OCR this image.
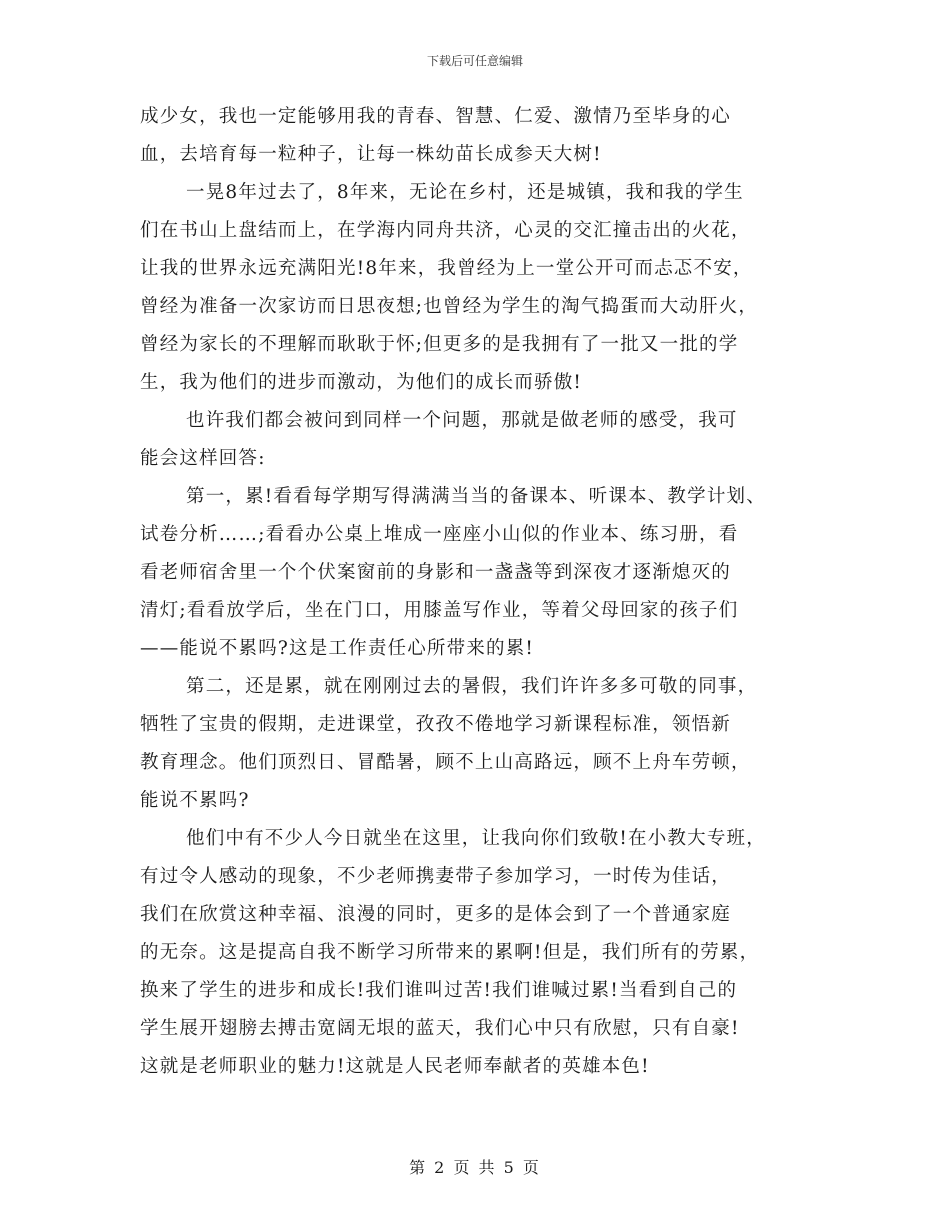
下载后可任意编辑
成少女，我也一定能够用我的青春、智慧、仁爱、激情乃至毕身的心
血，去培育每一粒种子，让每一株幼苗长成参天大树!
一晃8年过去了，8年来，无论在乡村，还是城镇，我和我的学生
们在书山上盘结而上，在学海内同舟共济，心灵的交汇撞击出的火花，
让我的世界永远充满阳光!8年来，我曾经为上一堂公开可而忐忑不安，
曾经为准备一次家访而日思夜想;也曾经为学生的淘气捣蛋而大动肝火，
曾经为家长的不理解而耿耿于怀;但更多的是我拥有了一批又一批的学
生，我为他们的进步而激动，为他们的成长而骄傲!
也许我们都会被问到同样一个问题，那就是做老师的感受，我可
能会这样回答:
第一，累!看看每学期写得满满当当的备课本、听课本、教学计划、
试卷分析……;看看办公桌上堆成一座座小山似的作业本、练习册，看
看老师宿舍里一个个伏案窗前的身影和一盏盏等到深夜才逐渐熄灭的
清灯;看看放学后，坐在门口，用膝盖写作业，等着父母回家的孩子们
——能说不累吗?这是工作责任心所带来的累!
第二，还是累，就在刚刚过去的暑假，我们许许多多可敬的同事，
牺牲了宝贵的假期，走进课堂，孜孜不倦地学习新课程标准，领悟新
教育理念。他们顶烈日、冒酷暑，顾不上山高路远，顾不上舟车劳顿，
能说不累吗?
他们中有不少人今日就坐在这里，让我向你们致敬!在小教大专班，
有过令人感动的现象，不少老师携妻带子参加学习，一时传为佳话，
我们在欣赏这种幸福、浪漫的同时，更多的是体会到了一个普通家庭
的无奈。这是提高自我不断学习所带来的累啊!但是，我们所有的劳累，
换来了学生的进步和成长!我们谁叫过苦!我们谁喊过累!当看到自己的
学生展开翅膀去搏击宽阔无垠的蓝天，我们心中只有欣慰，只有自豪!
这就是老师职业的魅力!这就是人民老师奉献者的英雄本色!
第 2 页 共 5 页
